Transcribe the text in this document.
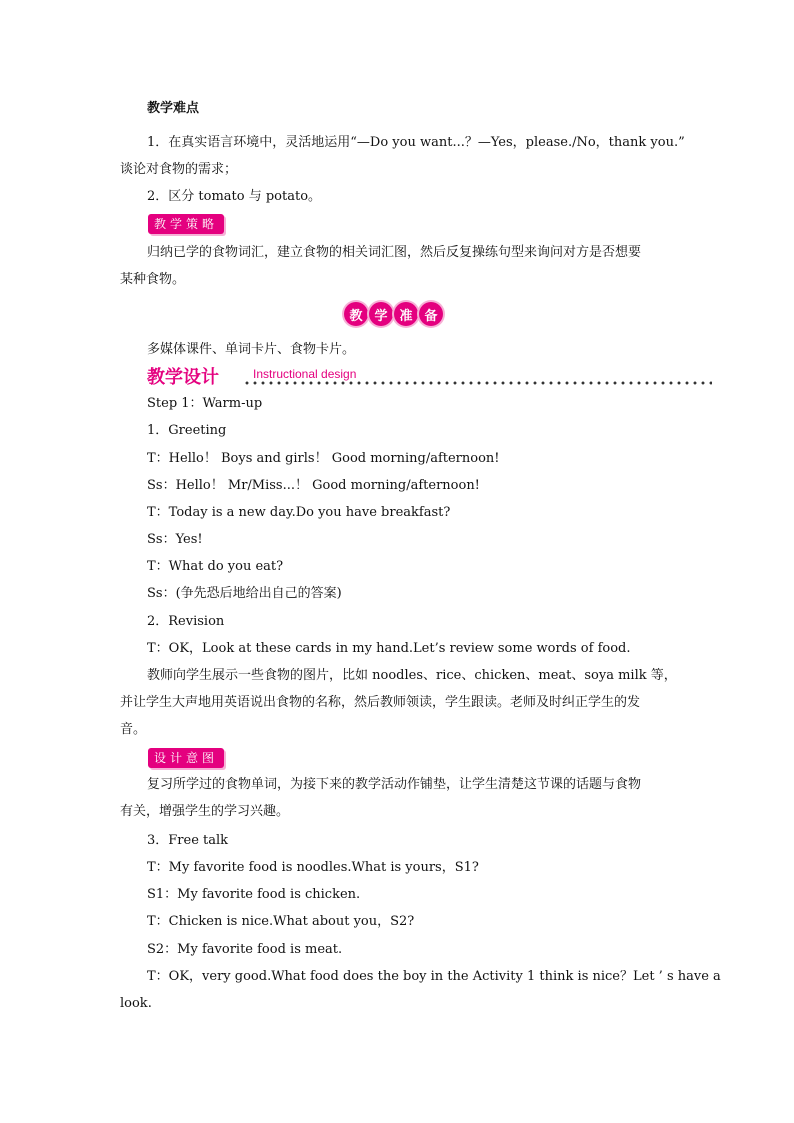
教学难点
1．在真实语言环境中，灵活地运用“—Do you want...？—Yes，please./No，thank you.”
谈论对食物的需求；
2．区分 tomato 与 potato。
教学策略
归纳已学的食物词汇，建立食物的相关词汇图，然后反复操练句型来询问对方是否想要
某种食物。
教 学 准 备
多媒体课件、单词卡片、食物卡片。
教学设计	Instructional design
Step 1：Warm-up
1．Greeting
T：Hello！ Boys and girls！ Good morning/afternoon!
Ss：Hello！ Mr/Miss...！ Good morning/afternoon!
T：Today is a new day.Do you have breakfast?
Ss：Yes!
T：What do you eat?
Ss：(争先恐后地给出自己的答案)
2．Revision
T：OK，Look at these cards in my hand.Let’s review some words of food.
教师向学生展示一些食物的图片，比如 noodles、rice、chicken、meat、soya milk 等，
并让学生大声地用英语说出食物的名称，然后教师领读，学生跟读。老师及时纠正学生的发
音。
设计意图
复习所学过的食物单词，为接下来的教学活动作铺垫，让学生清楚这节课的话题与食物
有关，增强学生的学习兴趣。
3．Free talk
T：My favorite food is noodles.What is yours，S1?
S1：My favorite food is chicken.
T：Chicken is nice.What about you，S2?
S2：My favorite food is meat.
T：OK，very good.What food does the boy in the Activity 1 think is nice？Let ’ s have a
look.
